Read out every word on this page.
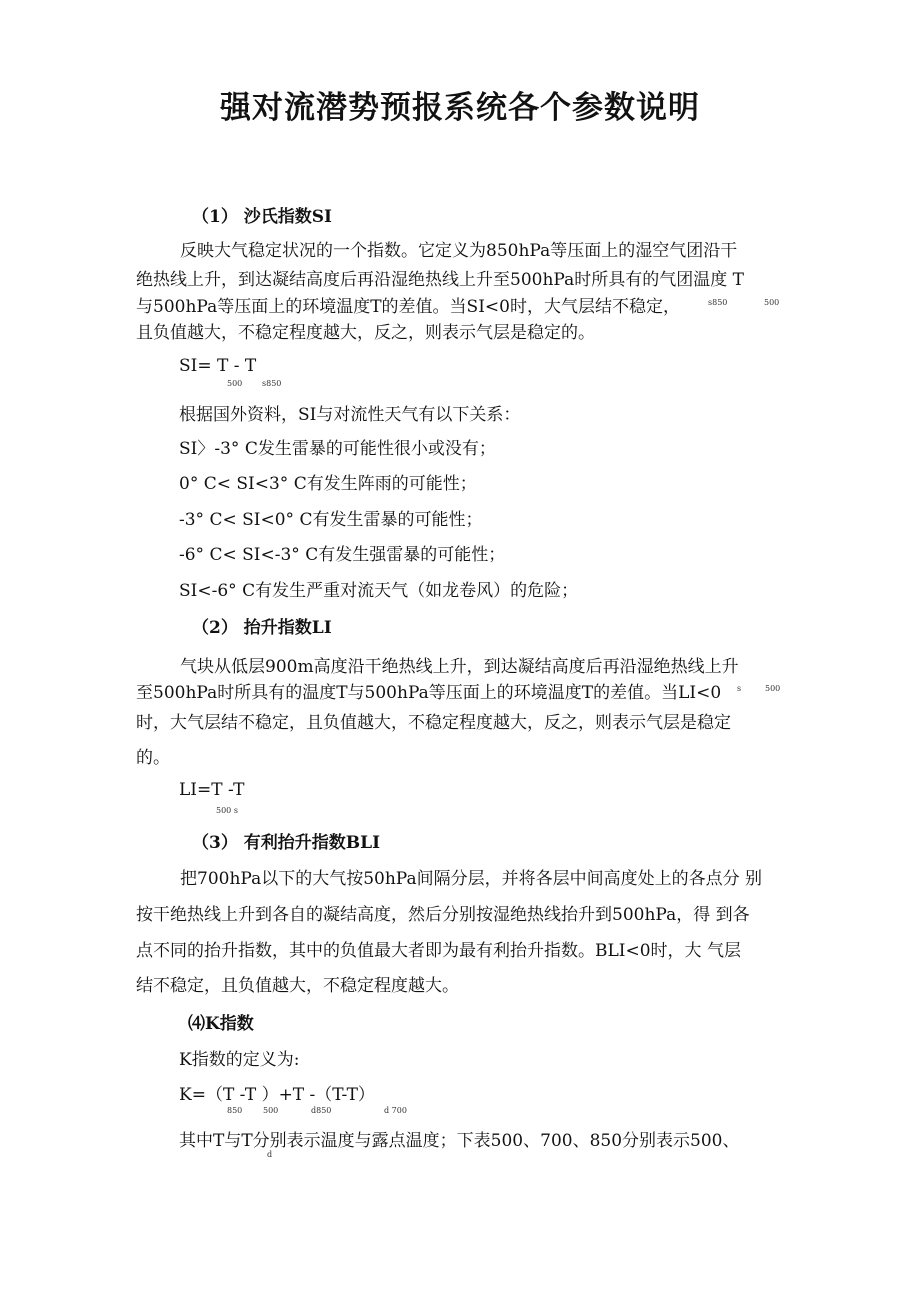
强对流潜势预报系统各个参数说明
（1） 沙氏指数SI
反映大气稳定状况的一个指数。它定义为850hPa等压面上的湿空气团沿干
绝热线上升，到达凝结高度后再沿湿绝热线上升至500hPa时所具有的气团温度 T
与500hPa等压面上的环境温度T的差值。当SI<0时，大气层结不稳定，	s850	500
且负值越大，不稳定程度越大，反之，则表示气层是稳定的。
SI= T - T
500 s850
根据国外资料，SI与对流性天气有以下关系：
SI〉-3° C发生雷暴的可能性很小或没有；
0° C< SI<3° C有发生阵雨的可能性；
-3° C< SI<0° C有发生雷暴的可能性；
-6° C< SI<-3° C有发生强雷暴的可能性；
SI<-6° C有发生严重对流天气（如龙卷风）的危险；
（2） 抬升指数LI
气块从低层900m高度沿干绝热线上升，到达凝结高度后再沿湿绝热线上升
至500hPa时所具有的温度T与500hPa等压面上的环境温度T的差值。当LI<0 s	500
时，大气层结不稳定，且负值越大，不稳定程度越大，反之，则表示气层是稳定
的。
LI=T -T
500 s
（3） 有利抬升指数BLI
把700hPa以下的大气按50hPa间隔分层，并将各层中间高度处上的各点分 别
按干绝热线上升到各自的凝结高度，然后分别按湿绝热线抬升到500hPa，得 到各
点不同的抬升指数，其中的负值最大者即为最有利抬升指数。BLI<0时，大 气层
结不稳定，且负值越大，不稳定程度越大。
⑷K指数
K指数的定义为:
K=（T -T ）+T -（T-T）
850	500	d850	d 700
其中T与T分别表示温度与露点温度；下表500、700、850分别表示500、
d
